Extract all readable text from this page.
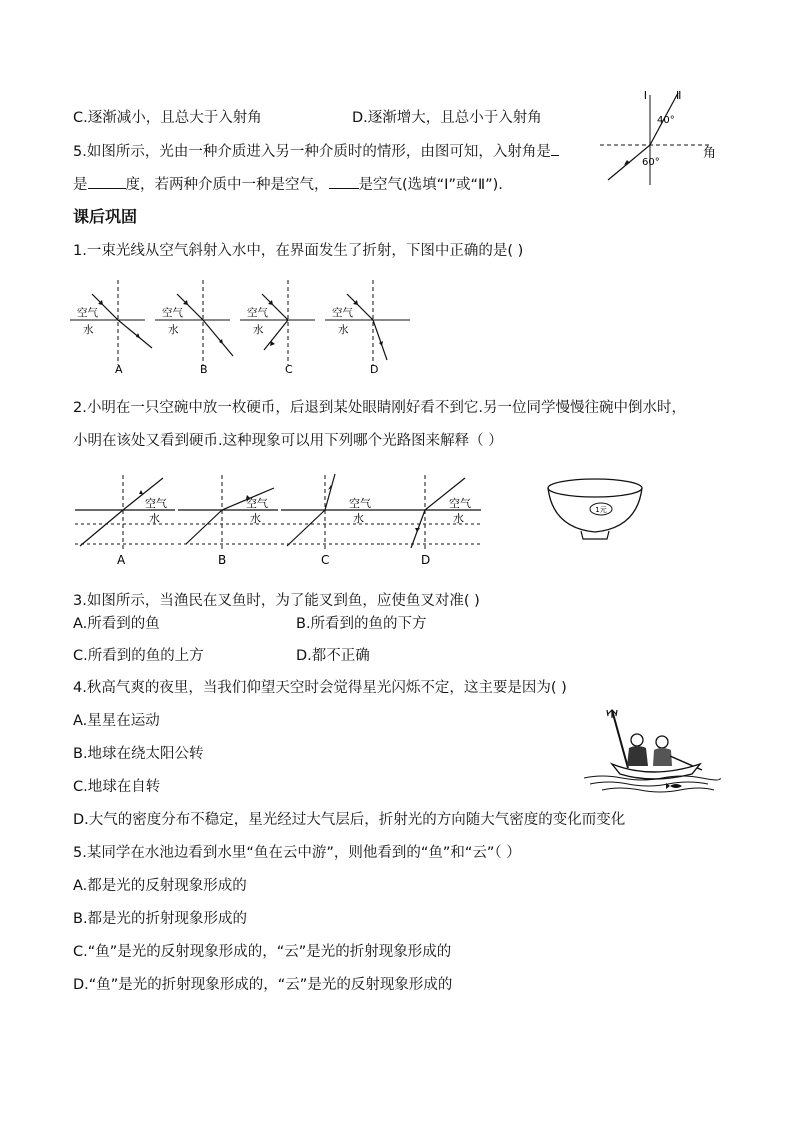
C.逐渐减小，且总大于入射角	D.逐渐增大，且总小于入射角
5.如图所示，光由一种介质进入另一种介质时的情形，由图可知，入射角是
是	度，若两种介质中一种是空气， 是空气(选填“Ⅰ”或“Ⅱ”).
Ⅰ	Ⅱ
40°
60°
角
课后巩固
1.一束光线从空气斜射入水中，在界面发生了折射，下图中正确的是( )
空气
水
A
空气
水
B
空气
水
C
空气
水
D
2.小明在一只空碗中放一枚硬币，后退到某处眼睛刚好看不到它.另一位同学慢慢往碗中倒水时，
小明在该处又看到硬币.这种现象可以用下列哪个光路图来解释（ ）
空气
水
A
空气
水
B
空气
水
C
空气
水
D
1元
3.如图所示，当渔民在叉鱼时，为了能叉到鱼，应使鱼叉对准( )
A.所看到的鱼	B.所看到的鱼的下方
C.所看到的鱼的上方	D.都不正确
4.秋高气爽的夜里，当我们仰望天空时会觉得星光闪烁不定，这主要是因为( )
A.星星在运动
B.地球在绕太阳公转
C.地球在自转
D.大气的密度分布不稳定，星光经过大气层后，折射光的方向随大气密度的变化而变化
5.某同学在水池边看到水里“鱼在云中游”，则他看到的“鱼”和“云”（ ）
A.都是光的反射现象形成的
B.都是光的折射现象形成的
C.“鱼”是光的反射现象形成的，“云”是光的折射现象形成的
D.“鱼”是光的折射现象形成的，“云”是光的反射现象形成的
